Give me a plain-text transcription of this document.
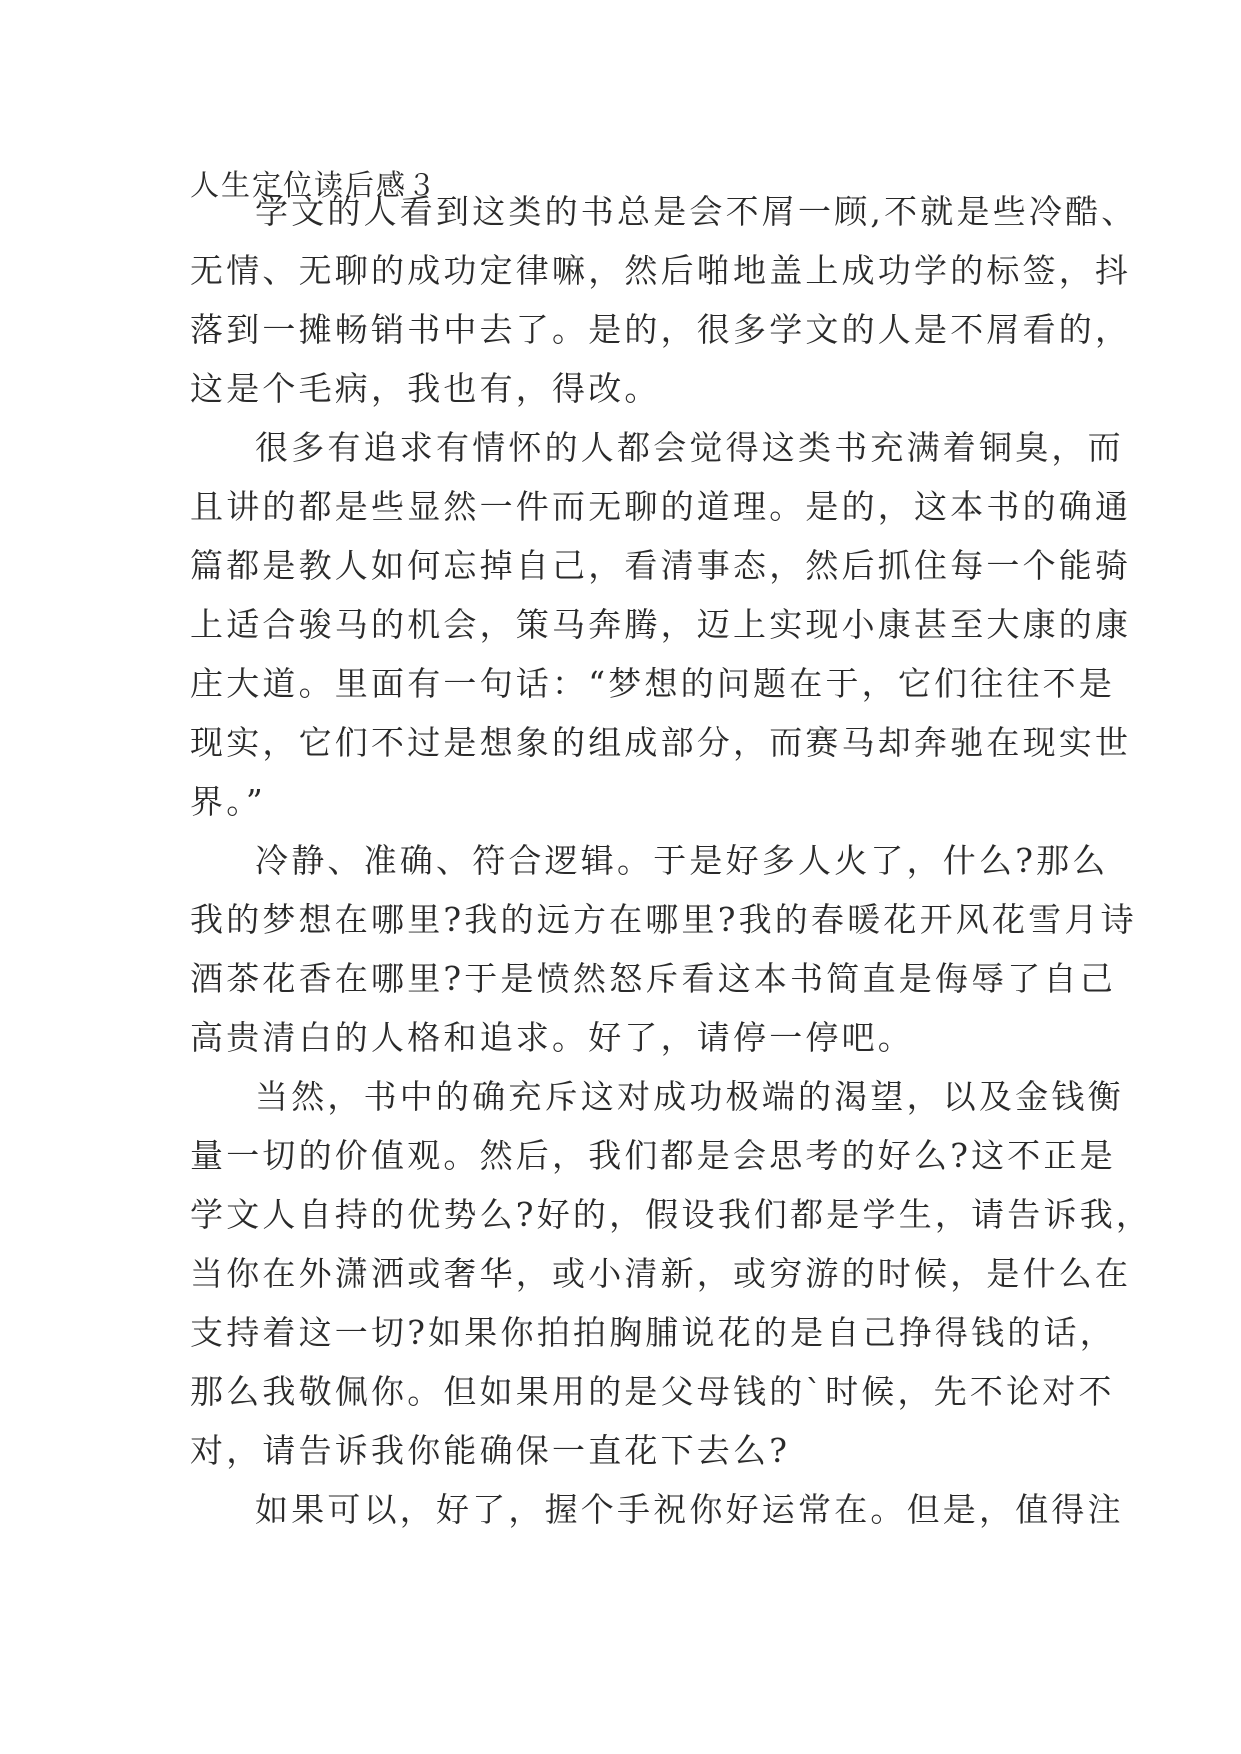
人生定位读后感３

学文的人看到这类的书总是会不屑一顾,不就是些冷酷、

无情、无聊的成功定律嘛，然后啪地盖上成功学的标签，抖

落到一摊畅销书中去了。是的，很多学文的人是不屑看的，

这是个毛病，我也有，得改。

很多有追求有情怀的人都会觉得这类书充满着铜臭，而

且讲的都是些显然一件而无聊的道理。是的，这本书的确通

篇都是教人如何忘掉自己，看清事态，然后抓住每一个能骑

上适合骏马的机会，策马奔腾，迈上实现小康甚至大康的康

庄大道。里面有一句话：“梦想的问题在于，它们往往不是

现实，它们不过是想象的组成部分，而赛马却奔驰在现实世

界。”

冷静、准确、符合逻辑。于是好多人火了，什么?那么

我的梦想在哪里?我的远方在哪里?我的春暖花开风花雪月诗

酒茶花香在哪里?于是愤然怒斥看这本书简直是侮辱了自己

高贵清白的人格和追求。好了，请停一停吧。

当然，书中的确充斥这对成功极端的渴望，以及金钱衡

量一切的价值观。然后，我们都是会思考的好么?这不正是

学文人自持的优势么?好的，假设我们都是学生，请告诉我，

当你在外潇洒或奢华，或小清新，或穷游的时候，是什么在

支持着这一切?如果你拍拍胸脯说花的是自己挣得钱的话，

那么我敬佩你。但如果用的是父母钱的`时候，先不论对不

对，请告诉我你能确保一直花下去么?

如果可以，好了，握个手祝你好运常在。但是，值得注
